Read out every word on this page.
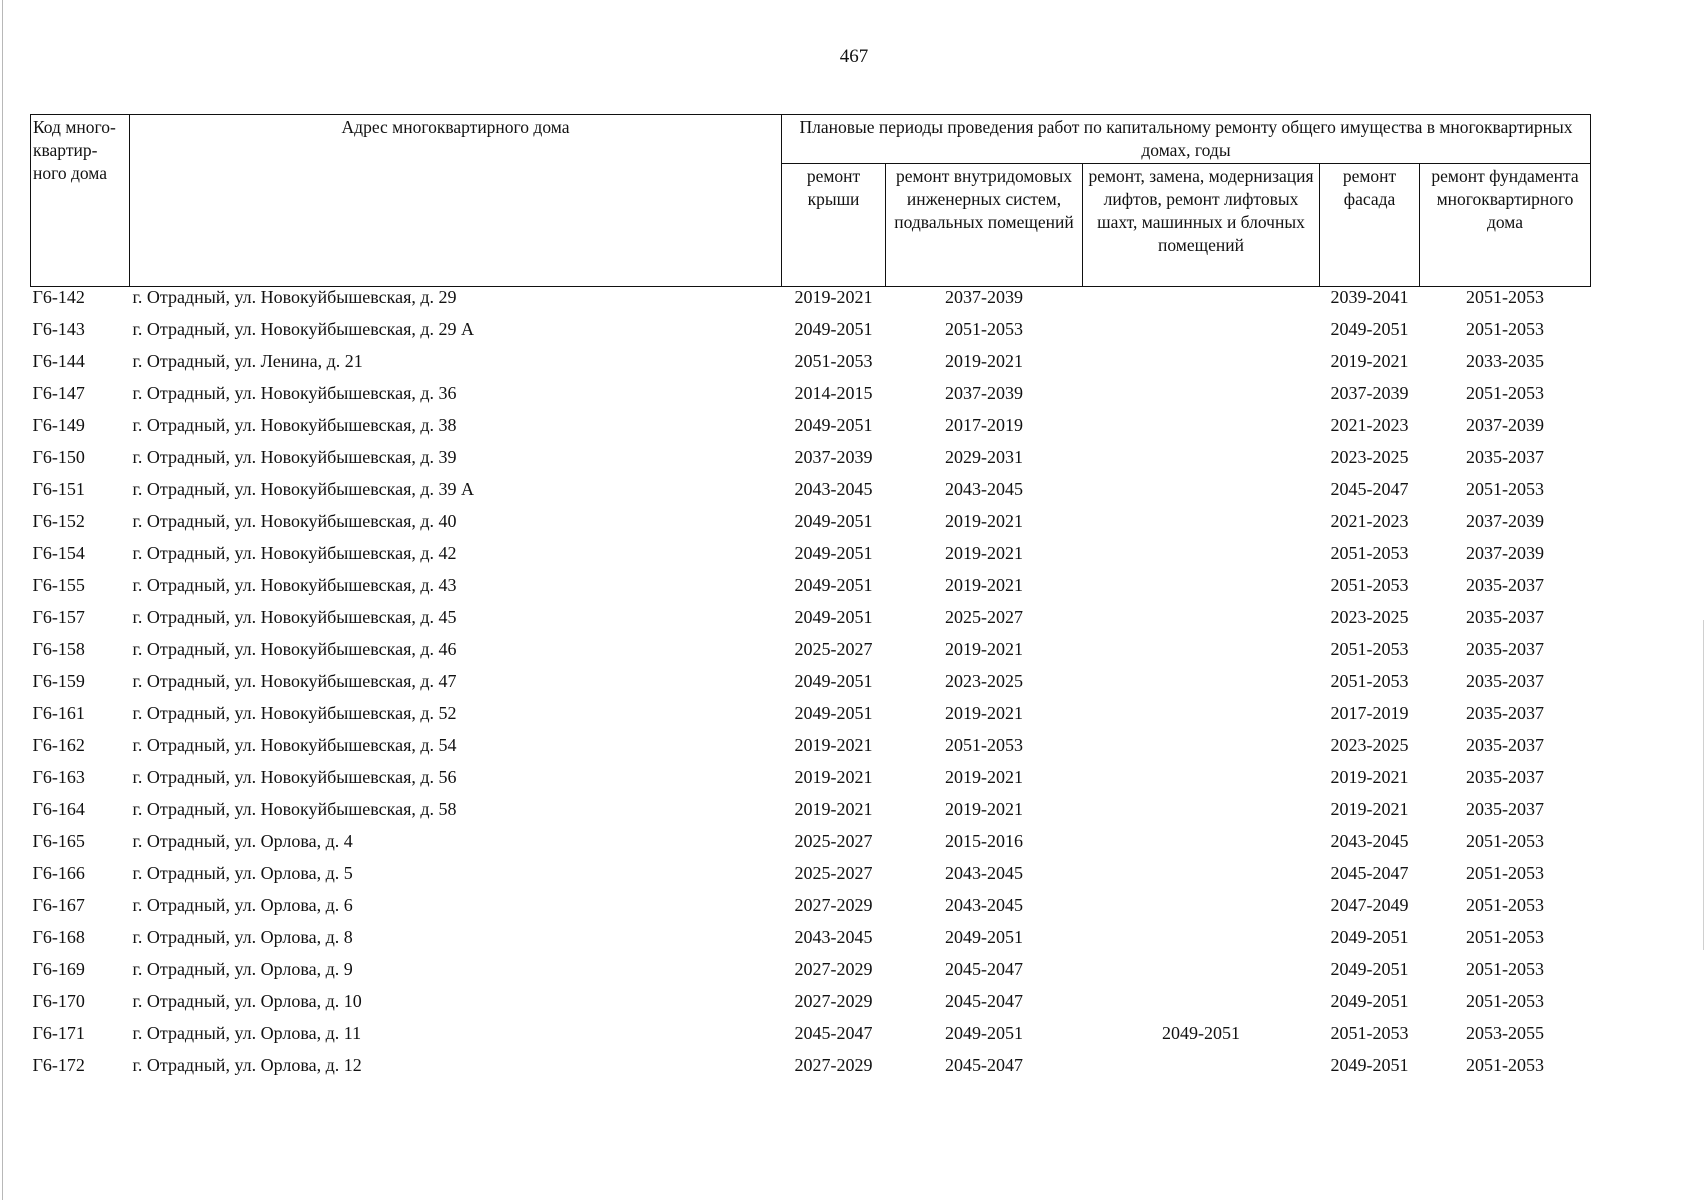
467
Код много-квартир-ного дома	Адрес многоквартирного дома	Плановые периоды проведения работ по капитальному ремонту общего имущества в многоквартирных домах, годы				
		ремонт крыши	ремонт внутридомовых инженерных систем, подвальных помещений	ремонт, замена, модернизация лифтов, ремонт лифтовых шахт, машинных и блочных помещений	ремонт фасада	ремонт фундамента многоквартирного дома
Г6-142	г. Отрадный, ул. Новокуйбышевская, д. 29	2019-2021	2037-2039		2039-2041	2051-2053
Г6-143	г. Отрадный, ул. Новокуйбышевская, д. 29 А	2049-2051	2051-2053		2049-2051	2051-2053
Г6-144	г. Отрадный, ул. Ленина, д. 21	2051-2053	2019-2021		2019-2021	2033-2035
Г6-147	г. Отрадный, ул. Новокуйбышевская, д. 36	2014-2015	2037-2039		2037-2039	2051-2053
Г6-149	г. Отрадный, ул. Новокуйбышевская, д. 38	2049-2051	2017-2019		2021-2023	2037-2039
Г6-150	г. Отрадный, ул. Новокуйбышевская, д. 39	2037-2039	2029-2031		2023-2025	2035-2037
Г6-151	г. Отрадный, ул. Новокуйбышевская, д. 39 А	2043-2045	2043-2045		2045-2047	2051-2053
Г6-152	г. Отрадный, ул. Новокуйбышевская, д. 40	2049-2051	2019-2021		2021-2023	2037-2039
Г6-154	г. Отрадный, ул. Новокуйбышевская, д. 42	2049-2051	2019-2021		2051-2053	2037-2039
Г6-155	г. Отрадный, ул. Новокуйбышевская, д. 43	2049-2051	2019-2021		2051-2053	2035-2037
Г6-157	г. Отрадный, ул. Новокуйбышевская, д. 45	2049-2051	2025-2027		2023-2025	2035-2037
Г6-158	г. Отрадный, ул. Новокуйбышевская, д. 46	2025-2027	2019-2021		2051-2053	2035-2037
Г6-159	г. Отрадный, ул. Новокуйбышевская, д. 47	2049-2051	2023-2025		2051-2053	2035-2037
Г6-161	г. Отрадный, ул. Новокуйбышевская, д. 52	2049-2051	2019-2021		2017-2019	2035-2037
Г6-162	г. Отрадный, ул. Новокуйбышевская, д. 54	2019-2021	2051-2053		2023-2025	2035-2037
Г6-163	г. Отрадный, ул. Новокуйбышевская, д. 56	2019-2021	2019-2021		2019-2021	2035-2037
Г6-164	г. Отрадный, ул. Новокуйбышевская, д. 58	2019-2021	2019-2021		2019-2021	2035-2037
Г6-165	г. Отрадный, ул. Орлова, д. 4	2025-2027	2015-2016		2043-2045	2051-2053
Г6-166	г. Отрадный, ул. Орлова, д. 5	2025-2027	2043-2045		2045-2047	2051-2053
Г6-167	г. Отрадный, ул. Орлова, д. 6	2027-2029	2043-2045		2047-2049	2051-2053
Г6-168	г. Отрадный, ул. Орлова, д. 8	2043-2045	2049-2051		2049-2051	2051-2053
Г6-169	г. Отрадный, ул. Орлова, д. 9	2027-2029	2045-2047		2049-2051	2051-2053
Г6-170	г. Отрадный, ул. Орлова, д. 10	2027-2029	2045-2047		2049-2051	2051-2053
Г6-171	г. Отрадный, ул. Орлова, д. 11	2045-2047	2049-2051	2049-2051	2051-2053	2053-2055
Г6-172	г. Отрадный, ул. Орлова, д. 12	2027-2029	2045-2047		2049-2051	2051-2053
